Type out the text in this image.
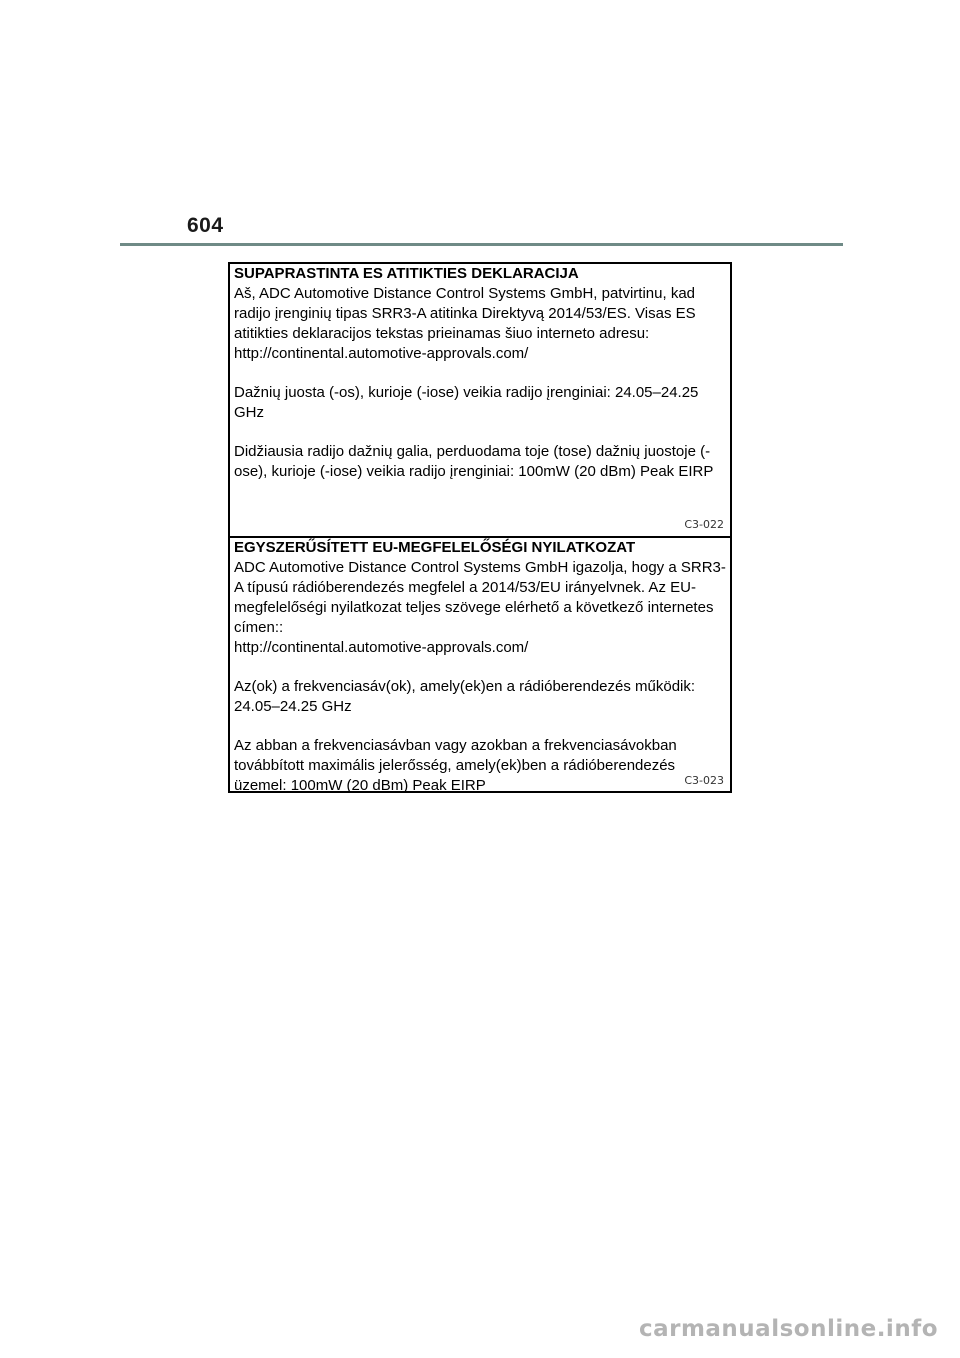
604
SUPAPRASTINTA ES ATITIKTIES DEKLARACIJA

Aš, ADC Automotive Distance Control Systems GmbH, patvirtinu, kad radijo įrenginių tipas SRR3-A atitinka Direktyvą 2014/53/ES. Visas ES atitikties deklaracijos tekstas prieinamas šiuo interneto adresu:

http://continental.automotive-approvals.com/

Dažnių juosta (-os), kurioje (-iose) veikia radijo įrenginiai: 24.05–24.25 GHz

Didžiausia radijo dažnių galia, perduodama toje (tose) dažnių juostoje (-ose), kurioje (-iose) veikia radijo įrenginiai: 100mW (20 dBm) Peak EIRP

C3-022
EGYSZERŰSÍTETT EU-MEGFELELŐSÉGI NYILATKOZAT

ADC Automotive Distance Control Systems GmbH igazolja, hogy a SRR3-A típusú rádióberendezés megfelel a 2014/53/EU irányelvnek. Az EU-megfelelőségi nyilatkozat teljes szövege elérhető a következő internetes címen::

http://continental.automotive-approvals.com/

Az(ok) a frekvenciasáv(ok), amely(ek)en a rádióberendezés működik: 24.05–24.25 GHz

Az abban a frekvenciasávban vagy azokban a frekvenciasávokban továbbított maximális jelerősség, amely(ek)ben a rádióberendezés üzemel: 100mW (20 dBm) Peak EIRP	C3-023
carmanualsonline.info
